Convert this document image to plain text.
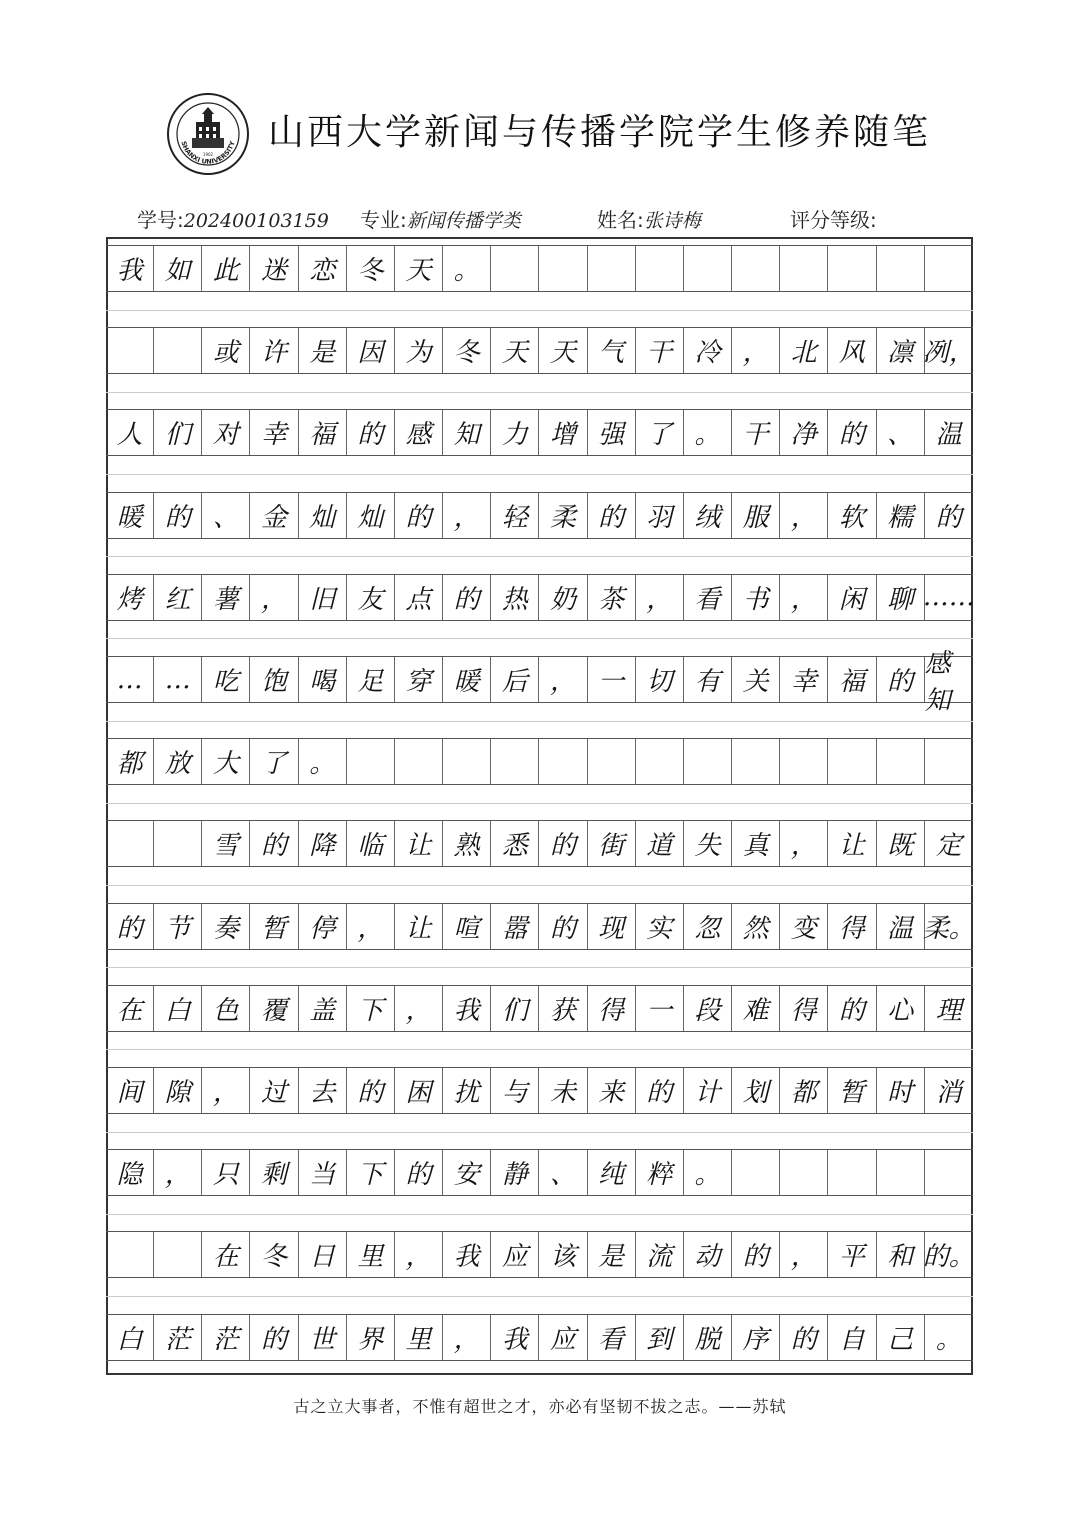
SHANXI UNIVERSITY
1902
山西大学新闻与传播学院学生修养随笔
学号:202400103159 专业:新闻传播学类	姓名:张诗梅	评分等级:
我 如 此 迷 恋 冬 天 。
或 许 是 因 为 冬 天 天 气 干 冷 ， 北 风 凛 冽，
人 们 对 幸 福 的 感 知 力 增 强 了 。 干 净 的 、 温
暖 的 、 金 灿 灿 的 ， 轻 柔 的 羽 绒 服 ， 软 糯 的
烤 红 薯 ， 旧 友 点 的 热 奶 茶 ， 看 书 ， 闲 聊 ……
… … 吃 饱 喝 足 穿 暖 后 ， 一 切 有 关 幸 福 的
感知
都 放 大 了 。
雪 的 降 临 让 熟 悉 的 街 道 失 真 ， 让 既 定
的 节 奏 暂 停 ， 让 喧 嚣 的 现 实 忽 然 变 得 温 柔。
在 白 色 覆 盖 下 ， 我 们 获 得 一 段 难 得 的 心 理
间 隙 ， 过 去 的 困 扰 与 未 来 的 计 划 都 暂 时 消
隐 ， 只 剩 当 下 的 安 静 、 纯 粹 。
在 冬 日 里 ， 我 应 该 是 流 动 的 ， 平 和 的。
白 茫 茫 的 世 界 里 ， 我 应 看 到 脱 序 的 自 己 。
古之立大事者，不惟有超世之才，亦必有坚韧不拔之志。——苏轼
